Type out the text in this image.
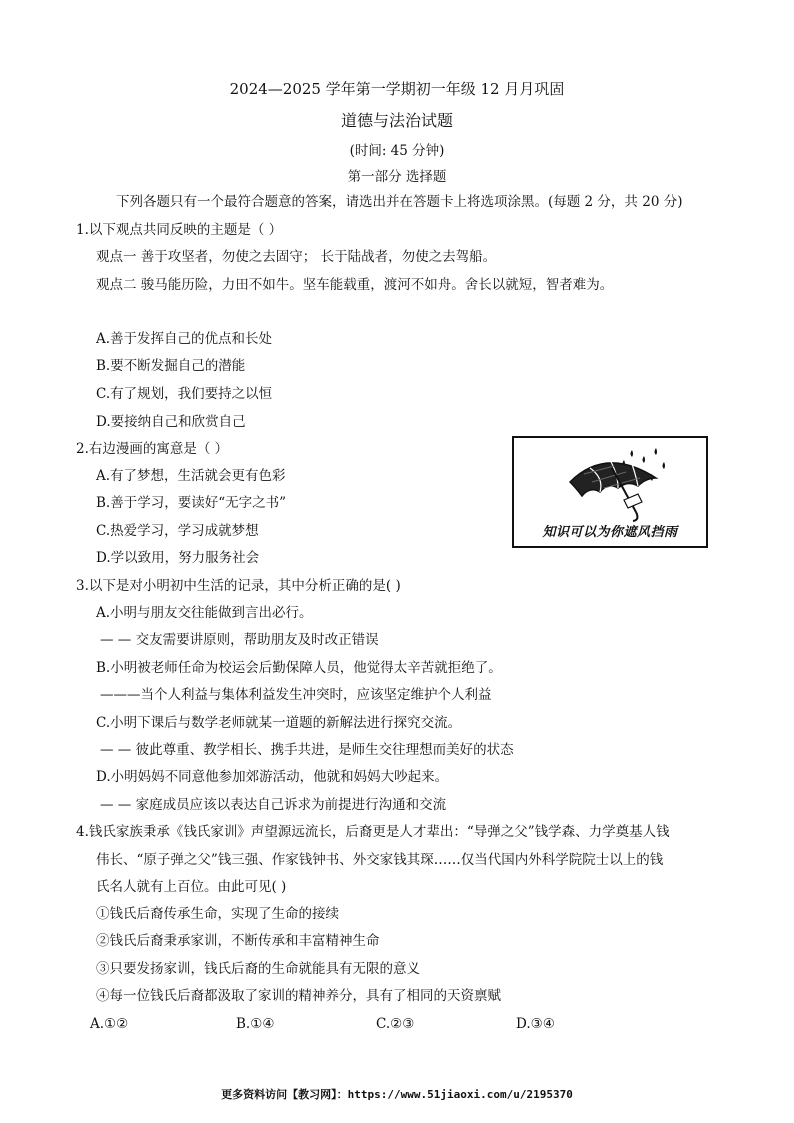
2024—2025 学年第一学期初一年级 12 月月巩固
道德与法治试题
(时间: 45 分钟)
第一部分 选择题
下列各题只有一个最符合题意的答案，请选出并在答题卡上将选项涂黑。(每题 2 分，共 20 分)
1.以下观点共同反映的主题是（ ）
观点一 善于攻坚者，勿使之去固守； 长于陆战者，勿使之去驾船。
观点二 骏马能历险，力田不如牛。坚车能载重，渡河不如舟。舍长以就短，智者难为。
A.善于发挥自己的优点和长处
B.要不断发掘自己的潜能
C.有了规划，我们要持之以恒
D.要接纳自己和欣赏自己
2.右边漫画的寓意是（ ）
A.有了梦想，生活就会更有色彩
B.善于学习，要读好“无字之书”
C.热爱学习，学习成就梦想
D.学以致用，努力服务社会
知识可以为你遮风挡雨
3.以下是对小明初中生活的记录，其中分析正确的是( )
A.小明与朋友交往能做到言出必行。
— — 交友需要讲原则，帮助朋友及时改正错误
B.小明被老师任命为校运会后勤保障人员，他觉得太辛苦就拒绝了。
———当个人利益与集体利益发生冲突时，应该坚定维护个人利益
C.小明下课后与数学老师就某一道题的新解法进行探究交流。
— — 彼此尊重、教学相长、携手共进，是师生交往理想而美好的状态
D.小明妈妈不同意他参加郊游活动，他就和妈妈大吵起来。
— — 家庭成员应该以表达自己诉求为前提进行沟通和交流
4.钱氏家族秉承《钱氏家训》声望源远流长，后裔更是人才辈出：“导弹之父”钱学森、力学奠基人钱
伟长、“原子弹之父”钱三强、作家钱钟书、外交家钱其琛……仅当代国内外科学院院士以上的钱
氏名人就有上百位。由此可见( )
①钱氏后裔传承生命，实现了生命的接续
②钱氏后裔秉承家训，不断传承和丰富精神生命
③只要发扬家训，钱氏后裔的生命就能具有无限的意义
④每一位钱氏后裔都汲取了家训的精神养分，具有了相同的天资禀赋
A.①②	B.①④	C.②③	D.③④
更多资料访问【教习网】：https://www.51jiaoxi.com/u/2195370
